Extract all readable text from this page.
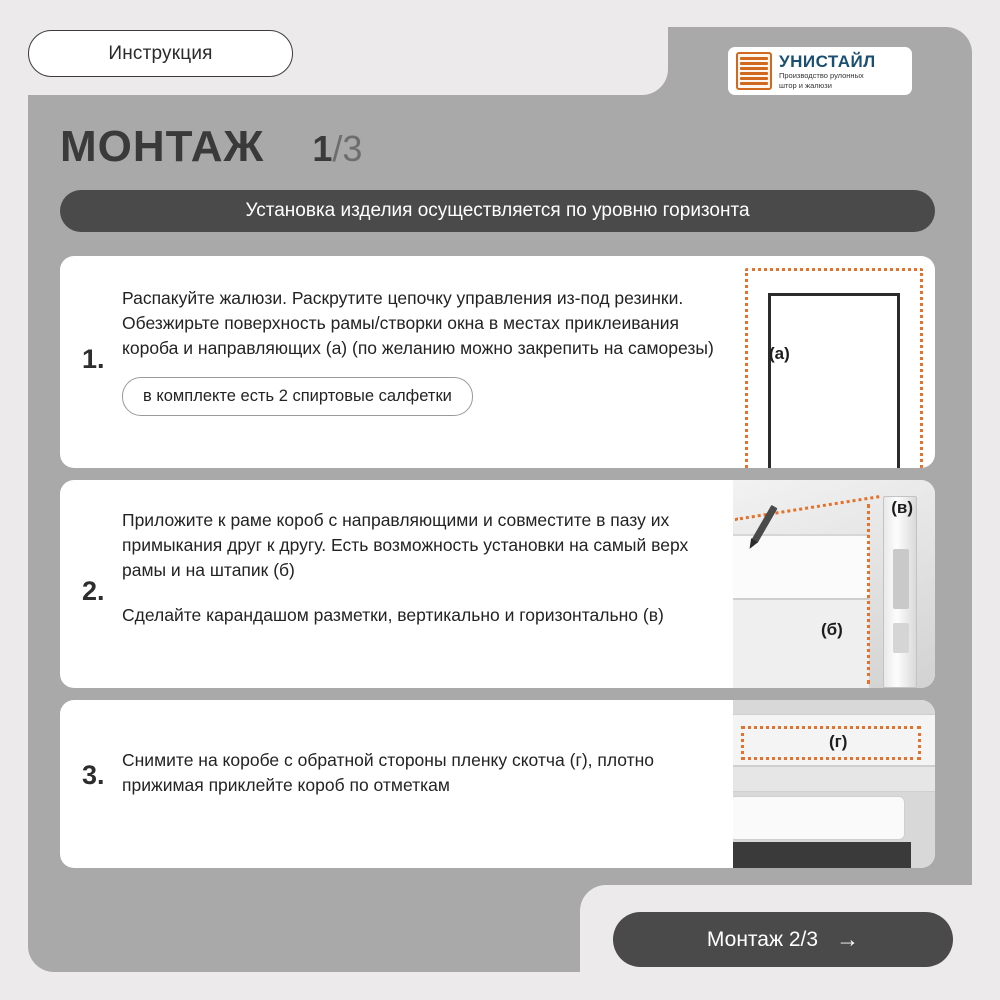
Инструкция	УНИСТАЙЛ
Производство рулонных
штор и жалюзи
МОНТАЖ 1/3
Установка изделия осуществляется по уровню горизонта
1.

Распакуйте жалюзи. Раскрутите цепочку управления из-под резинки. Обезжирьте поверхность рамы/створки окна в местах приклеивания короба и направляющих (а) (по желанию можно закрепить на саморезы)

в комплекте есть 2 спиртовые салфетки
(а)
2.

Приложите к раме короб с направляющими и совместите в пазу их примыкания друг к другу. Есть возможность установки на самый верх рамы и на штапик (б)

Сделайте карандашом разметки, вертикально и горизонтально (в)

(в)
(б)
3. Снимите на коробе с обратной стороны пленку скотча (г), плотно прижимая приклейте короб по отметкам

(г)
Монтаж 2/3 →
